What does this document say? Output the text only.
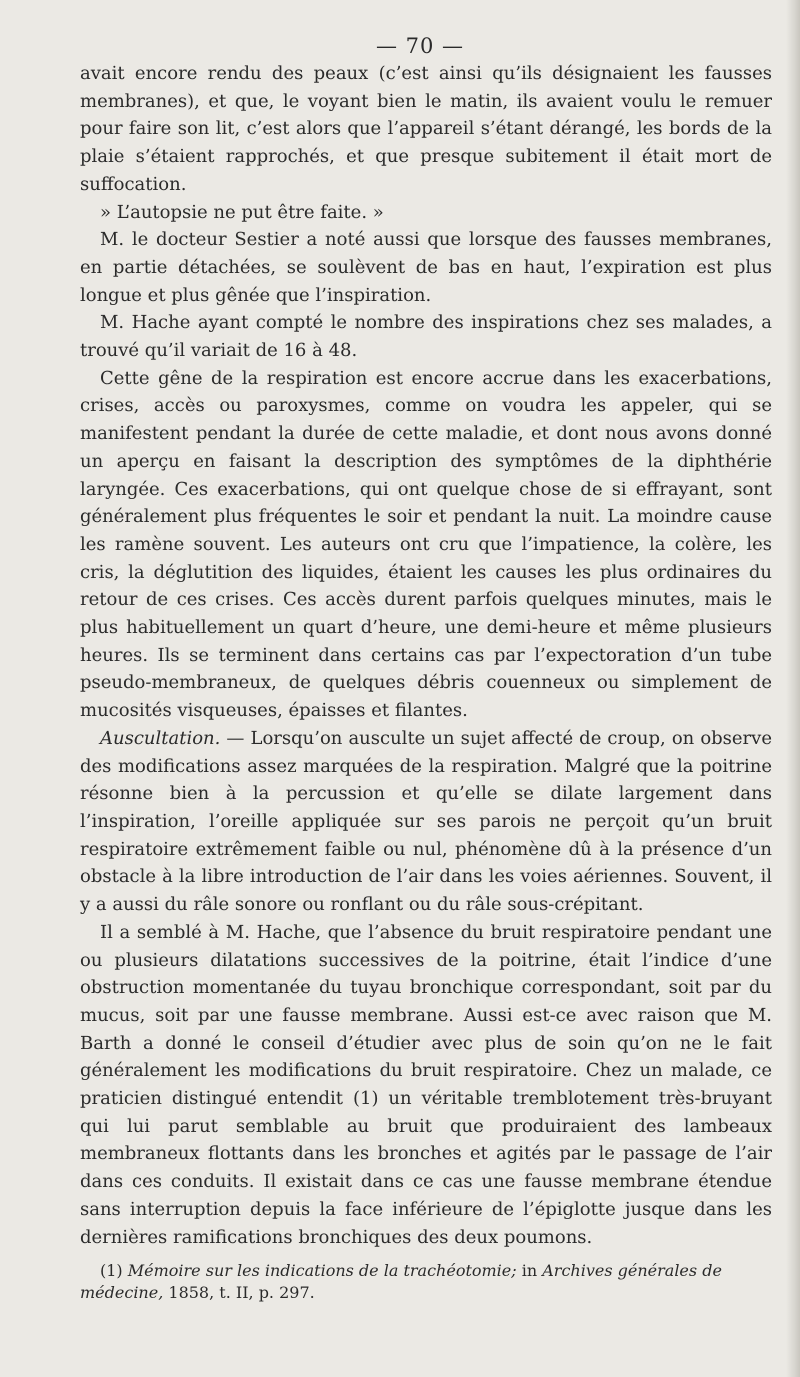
— 70 —

avait encore rendu des peaux (c’est ainsi qu’ils désignaient les fausses membranes), et que, le voyant bien le matin, ils avaient voulu le remuer pour faire son lit, c’est alors que l’appareil s’étant dérangé, les bords de la plaie s’étaient rapprochés, et que presque subitement il était mort de suffocation.

» L’autopsie ne put être faite. »

M. le docteur Sestier a noté aussi que lorsque des fausses membranes, en partie détachées, se soulèvent de bas en haut, l’expiration est plus longue et plus gênée que l’inspiration.

M. Hache ayant compté le nombre des inspirations chez ses malades, a trouvé qu’il variait de 16 à 48.

Cette gêne de la respiration est encore accrue dans les exacerbations, crises, accès ou paroxysmes, comme on voudra les appeler, qui se manifestent pendant la durée de cette maladie, et dont nous avons donné un aperçu en faisant la description des symptômes de la diphthérie laryngée. Ces exacerbations, qui ont quelque chose de si effrayant, sont généralement plus fréquentes le soir et pendant la nuit. La moindre cause les ramène souvent. Les auteurs ont cru que l’impatience, la colère, les cris, la déglutition des liquides, étaient les causes les plus ordinaires du retour de ces crises. Ces accès durent parfois quelques minutes, mais le plus habituellement un quart d’heure, une demi-heure et même plusieurs heures. Ils se terminent dans certains cas par l’expectoration d’un tube pseudo-membraneux, de quelques débris couenneux ou simplement de mucosités visqueuses, épaisses et filantes.

Auscultation. — Lorsqu’on ausculte un sujet affecté de croup, on observe des modifications assez marquées de la respiration. Malgré que la poitrine résonne bien à la percussion et qu’elle se dilate largement dans l’inspiration, l’oreille appliquée sur ses parois ne perçoit qu’un bruit respiratoire extrêmement faible ou nul, phénomène dû à la présence d’un obstacle à la libre introduction de l’air dans les voies aériennes. Souvent, il y a aussi du râle sonore ou ronflant ou du râle sous-crépitant.

Il a semblé à M. Hache, que l’absence du bruit respiratoire pendant une ou plusieurs dilatations successives de la poitrine, était l’indice d’une obstruction momentanée du tuyau bronchique correspondant, soit par du mucus, soit par une fausse membrane. Aussi est-ce avec raison que M. Barth a donné le conseil d’étudier avec plus de soin qu’on ne le fait généralement les modifications du bruit respiratoire. Chez un malade, ce praticien distingué entendit (1) un véritable tremblotement très-bruyant qui lui parut semblable au bruit que produiraient des lambeaux membraneux flottants dans les bronches et agités par le passage de l’air dans ces conduits. Il existait dans ce cas une fausse membrane étendue sans interruption depuis la face inférieure de l’épiglotte jusque dans les dernières ramifications bronchiques des deux poumons.

(1) Mémoire sur les indications de la trachéotomie; in Archives générales de médecine, 1858, t. II, p. 297.
